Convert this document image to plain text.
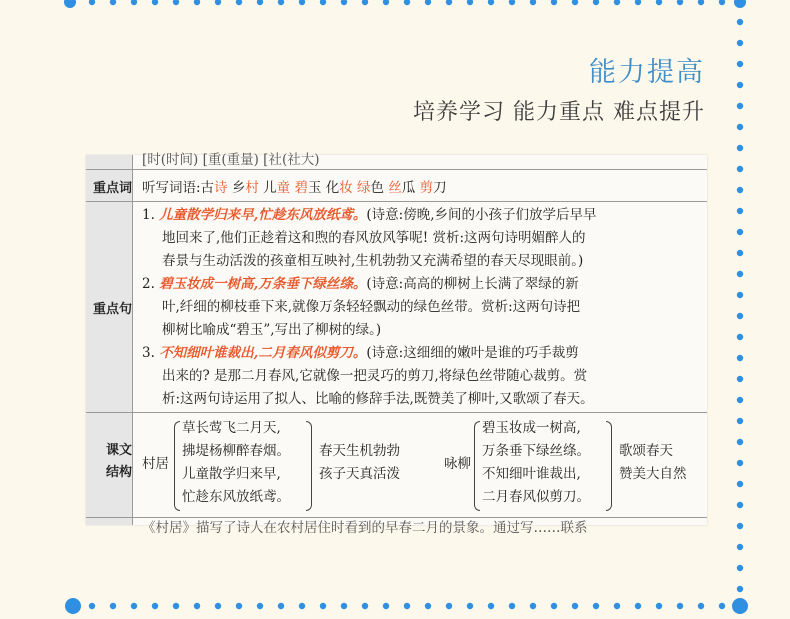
能力提高
培养学习 能力重点 难点提升
[时(时间) [重(重量) [社(社大)
重点词 听写词语:古诗 乡村 儿童 碧玉 化妆 绿色 丝瓜 剪刀
重点句
1. 儿童散学归来早,忙趁东风放纸鸢。(诗意:傍晚,乡间的小孩子们放学后早早
地回来了,他们正趁着这和煦的春风放风筝呢! 赏析:这两句诗明媚醉人的
春景与生动活泼的孩童相互映衬,生机勃勃又充满希望的春天尽现眼前。)
2. 碧玉妆成一树高,万条垂下绿丝绦。(诗意:高高的柳树上长满了翠绿的新
叶,纤细的柳枝垂下来,就像万条轻轻飘动的绿色丝带。赏析:这两句诗把
柳树比喻成“碧玉”,写出了柳树的绿。)
3. 不知细叶谁裁出,二月春风似剪刀。(诗意:这细细的嫩叶是谁的巧手裁剪
出来的? 是那二月春风,它就像一把灵巧的剪刀,将绿色丝带随心裁剪。赏
析:这两句诗运用了拟人、比喻的修辞手法,既赞美了柳叶,又歌颂了春天。
课文
结构
村居
草长莺飞二月天,
拂堤杨柳醉春烟。
儿童散学归来早,
忙趁东风放纸鸢。
春天生机勃勃
孩子天真活泼
咏柳
碧玉妆成一树高,
万条垂下绿丝绦。
不知细叶谁裁出,
二月春风似剪刀。
歌颂春天
赞美大自然
《村居》描写了诗人在农村居住时看到的早春二月的景象。通过写……联系
